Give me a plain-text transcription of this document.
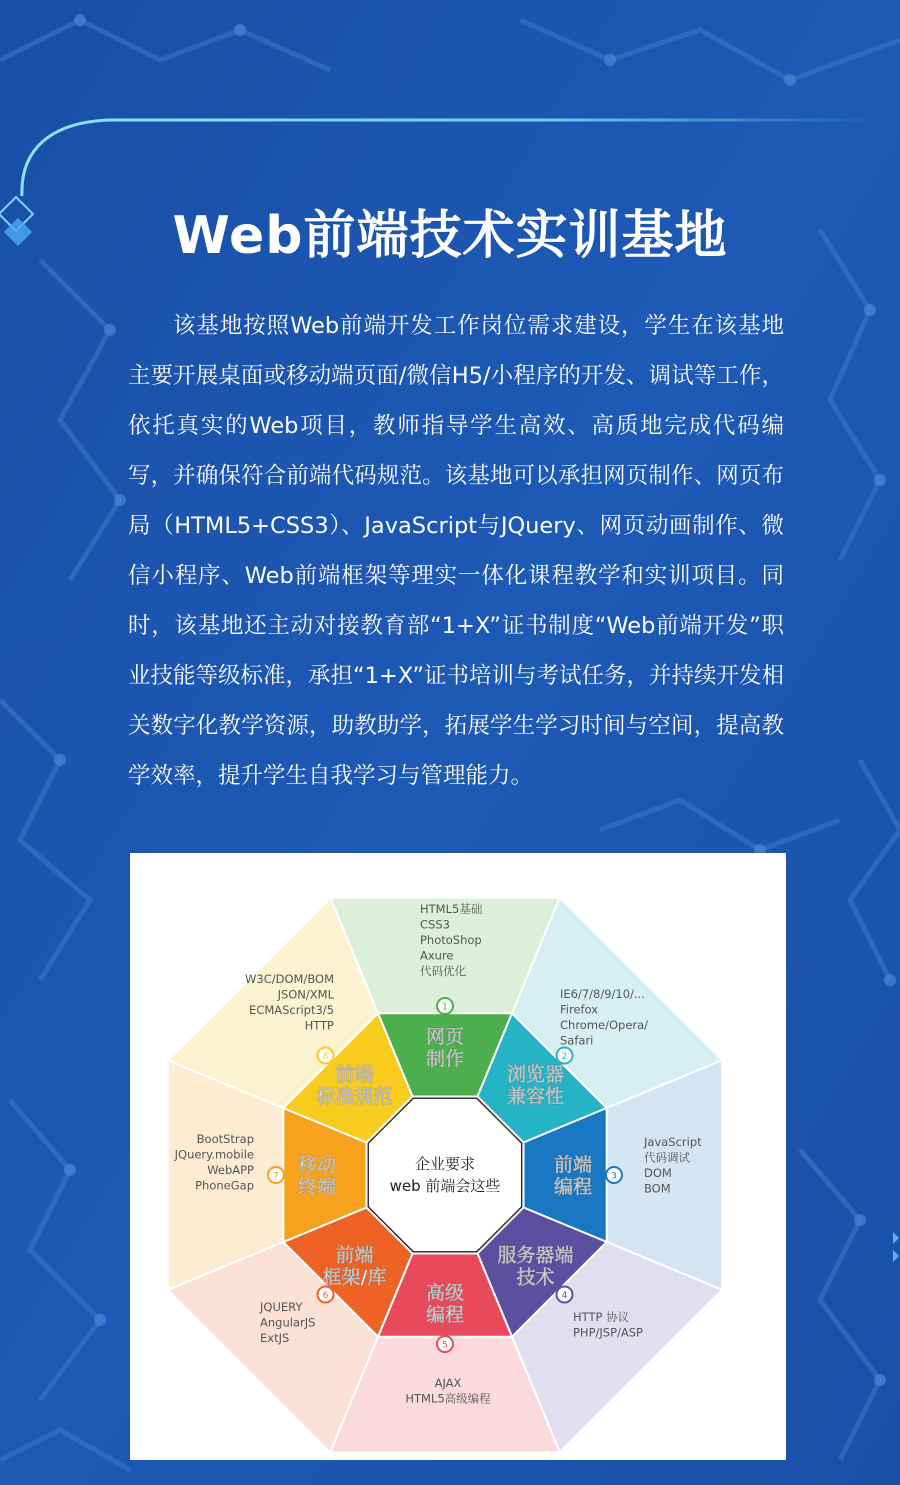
Web前端技术实训基地

该基地按照Web前端开发工作岗位需求建设，学生在该基地主要开展桌面或移动端页面/微信H5/小程序的开发、调试等工作，依托真实的Web项目，教师指导学生高效、高质地完成代码编写，并确保符合前端代码规范。该基地可以承担网页制作、网页布局（HTML5+CSS3）、JavaScript与JQuery、网页动画制作、微信小程序、Web前端框架等理实一体化课程教学和实训项目。同时，该基地还主动对接教育部“1+X”证书制度“Web前端开发”职业技能等级标准，承担“1+X”证书培训与考试任务，并持续开发相关数字化教学资源，助教助学，拓展学生学习时间与空间，提高教学效率，提升学生自我学习与管理能力。

1
网页
制作
HTML5基础
CSS3
PhotoShop
Axure
代码优化
2
浏览器
兼容性
IE6/7/8/9/10/...
Firefox
Chrome/Opera/
Safari
3
前端
编程
JavaScript
代码调试
DOM
BOM
4
服务器端
技术
HTTP 协议
PHP/JSP/ASP
5
高级
编程
AJAX
HTML5高级编程
6
前端
框架/库
JQUERY
AngularJS
ExtJS
7
移动
终端
BootStrap
JQuery.mobile
WebAPP
PhoneGap
8
前端
标准规范
W3C/DOM/BOM
JSON/XML
ECMAScript3/5
HTTP
企业要求
web 前端会这些
